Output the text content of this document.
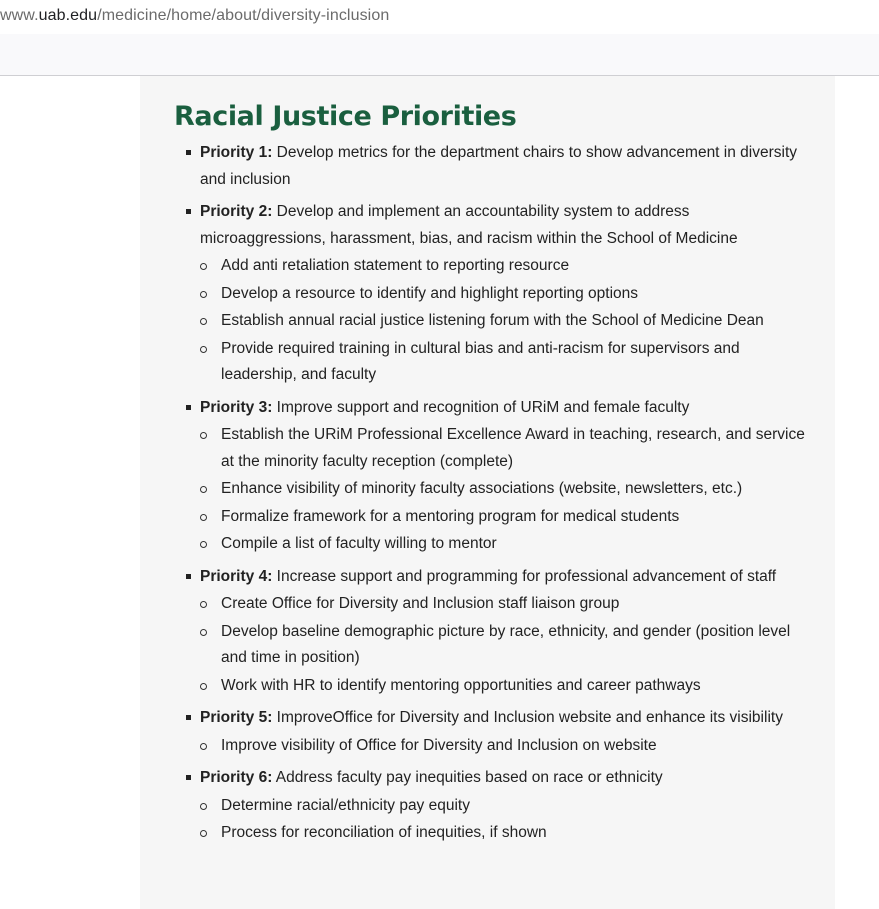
www.uab.edu/medicine/home/about/diversity-inclusion
Racial Justice Priorities
Priority 1: Develop metrics for the department chairs to show advancement in diversity and inclusion
Priority 2: Develop and implement an accountability system to address microaggressions, harassment, bias, and racism within the School of Medicine
Add anti retaliation statement to reporting resource
Develop a resource to identify and highlight reporting options
Establish annual racial justice listening forum with the School of Medicine Dean
Provide required training in cultural bias and anti-racism for supervisors and leadership, and faculty
Priority 3: Improve support and recognition of URiM and female faculty
Establish the URiM Professional Excellence Award in teaching, research, and service at the minority faculty reception (complete)
Enhance visibility of minority faculty associations (website, newsletters, etc.)
Formalize framework for a mentoring program for medical students
Compile a list of faculty willing to mentor
Priority 4: Increase support and programming for professional advancement of staff
Create Office for Diversity and Inclusion staff liaison group
Develop baseline demographic picture by race, ethnicity, and gender (position level and time in position)
Work with HR to identify mentoring opportunities and career pathways
Priority 5: ImproveOffice for Diversity and Inclusion website and enhance its visibility
Improve visibility of Office for Diversity and Inclusion on website
Priority 6: Address faculty pay inequities based on race or ethnicity
Determine racial/ethnicity pay equity
Process for reconciliation of inequities, if shown
